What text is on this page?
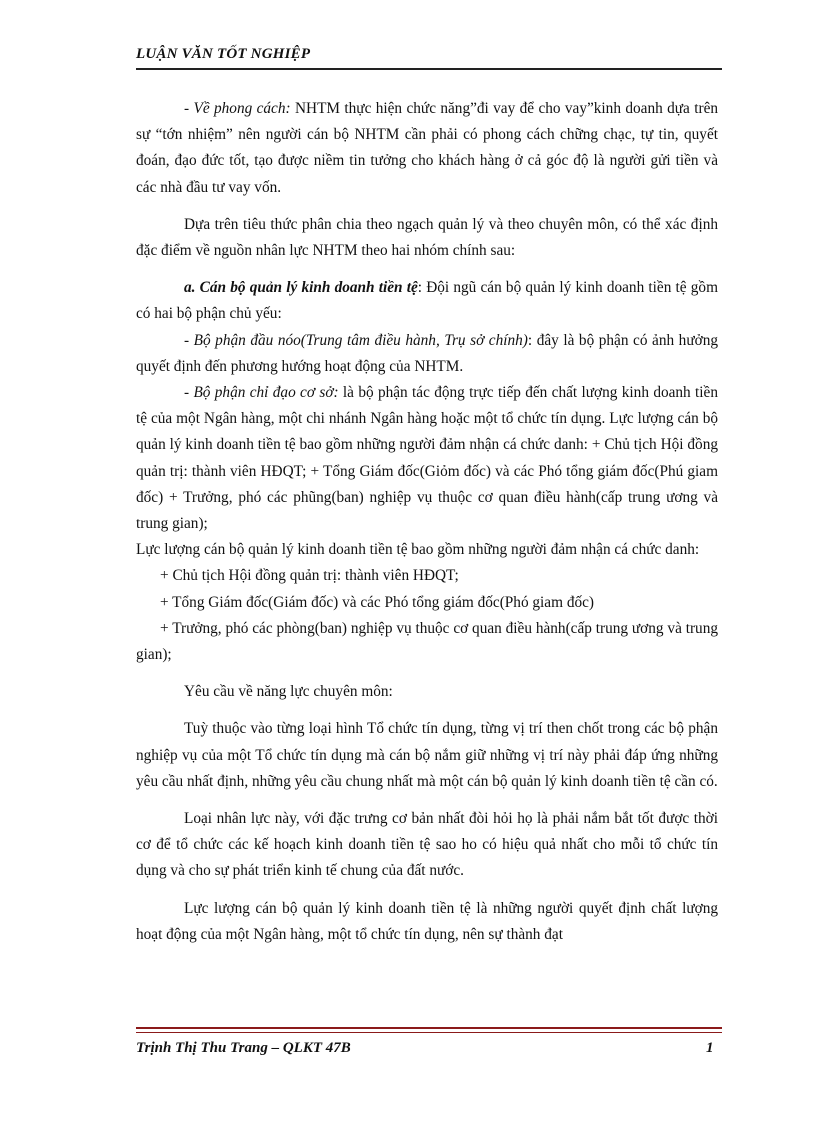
LUẬN VĂN TỐT NGHIỆP

- Về phong cách: NHTM thực hiện chức năng”đi vay để cho vay”kinh doanh dựa trên sự “tớn nhiệm” nên người cán bộ NHTM cần phải có phong cách chững chạc, tự tin, quyết đoán, đạo đức tốt, tạo được niềm tin tưởng cho khách hàng ở cả góc độ là người gửi tiền và các nhà đầu tư vay vốn.

Dựa trên tiêu thức phân chia theo ngạch quản lý và theo chuyên môn, có thể xác định đặc điểm về nguồn nhân lực NHTM theo hai nhóm chính sau:

a. Cán bộ quản lý kinh doanh tiền tệ: Đội ngũ cán bộ quản lý kinh doanh tiền tệ gồm có hai bộ phận chủ yếu:

- Bộ phận đầu nóo(Trung tâm điều hành, Trụ sở chính): đây là bộ phận có ảnh hưởng quyết định đến phương hướng hoạt động của NHTM.

- Bộ phận chỉ đạo cơ sở: là bộ phận tác động trực tiếp đến chất lượng kinh doanh tiền tệ của một Ngân hàng, một chi nhánh Ngân hàng hoặc một tổ chức tín dụng. Lực lượng cán bộ quản lý kinh doanh tiền tệ bao gồm những người đảm nhận cá chức danh: + Chủ tịch Hội đồng quản trị: thành viên HĐQT; + Tổng Giám đốc(Giỏm đốc) và các Phó tổng giám đốc(Phú giam đốc) + Trưởng, phó các phũng(ban) nghiệp vụ thuộc cơ quan điều hành(cấp trung ương và trung gian);

Lực lượng cán bộ quản lý kinh doanh tiền tệ bao gồm những người đảm nhận cá chức danh:

+ Chủ tịch Hội đồng quản trị: thành viên HĐQT;

+ Tổng Giám đốc(Giám đốc) và các Phó tổng giám đốc(Phó giam đốc)

+ Trưởng, phó các phòng(ban) nghiệp vụ thuộc cơ quan điều hành(cấp trung ương và trung gian);

Yêu cầu về năng lực chuyên môn:

Tuỳ thuộc vào từng loại hình Tổ chức tín dụng, từng vị trí then chốt trong các bộ phận nghiệp vụ của một Tổ chức tín dụng mà cán bộ nắm giữ những vị trí này phải đáp ứng những yêu cầu nhất định, những yêu cầu chung nhất mà một cán bộ quản lý kinh doanh tiền tệ cần có.

Loại nhân lực này, với đặc trưng cơ bản nhất đòi hỏi họ là phải nắm bắt tốt được thời cơ để tổ chức các kế hoạch kinh doanh tiền tệ sao ho có hiệu quả nhất cho mỗi tổ chức tín dụng và cho sự phát triển kinh tế chung của đất nước.

Lực lượng cán bộ quản lý kinh doanh tiền tệ là những người quyết định chất lượng hoạt động của một Ngân hàng, một tổ chức tín dụng, nên sự thành đạt

Trịnh Thị Thu Trang – QLKT 47B	1
